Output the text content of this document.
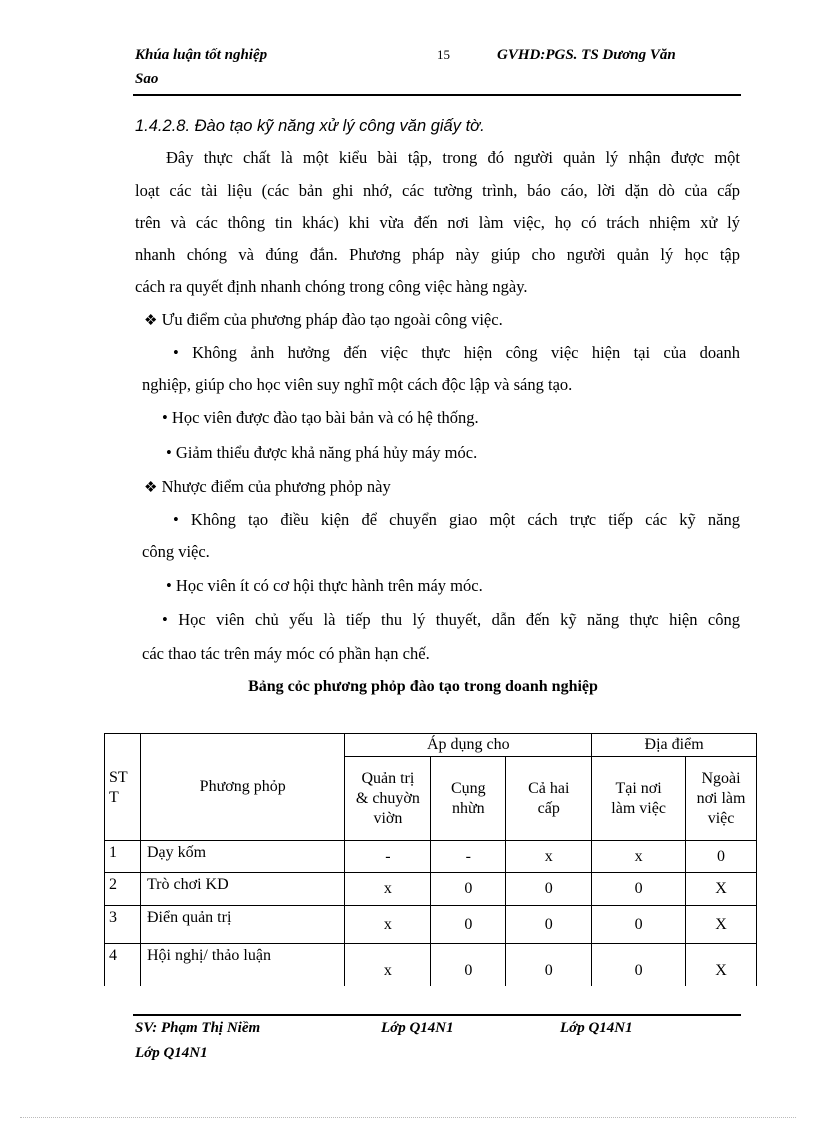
Khúa luận tốt nghiệp	15	GVHD:PGS. TS Dương Văn
Sao
1.4.2.8. Đào tạo kỹ năng xử lý công văn giấy tờ.
Đây thực chất là một kiểu bài tập, trong đó người quản lý nhận được một
loạt các tài liệu (các bản ghi nhớ, các tường trình, báo cáo, lời dặn dò của cấp
trên và các thông tin khác) khi vừa đến nơi làm việc, họ có trách nhiệm xử lý
nhanh chóng và đúng đắn. Phương pháp này giúp cho người quản lý học tập
cách ra quyết định nhanh chóng trong công việc hàng ngày.
❖ Ưu điểm của phương pháp đào tạo ngoài công việc.
• Không ảnh hưởng đến việc thực hiện công việc hiện tại của doanh
nghiệp, giúp cho học viên suy nghĩ một cách độc lập và sáng tạo.
• Học viên được đào tạo bài bản và có hệ thống.
• Giảm thiểu được khả năng phá hủy máy móc.
❖ Nhược điểm của phương phỏp này
• Không tạo điều kiện để chuyển giao một cách trực tiếp các kỹ năng
công việc.
• Học viên ít có cơ hội thực hành trên máy móc.
• Học viên chủ yếu là tiếp thu lý thuyết, dẫn đến kỹ năng thực hiện công
các thao tác trên máy móc có phần hạn chế.
Bảng cỏc phương phỏp đào tạo trong doanh nghiệp
ST T	Phương phỏp	Áp dụng cho			Địa điểm	

		Quản trị & chuyờn viờn	Cụng nhừn	Cả hai cấp	Tại nơi làm việc	Ngoài nơi làm việc

1	Dạy kốm	-	-	x	x	0
2	Trò chơi KD	x	0	0	0	X
3	Điển quản trị	x	0	0	0	X
4	Hội nghị/ thảo luận	x	0	0	0	X
SV: Phạm Thị Niềm	Lớp Q14N1	Lớp Q14N1
Lớp Q14N1
